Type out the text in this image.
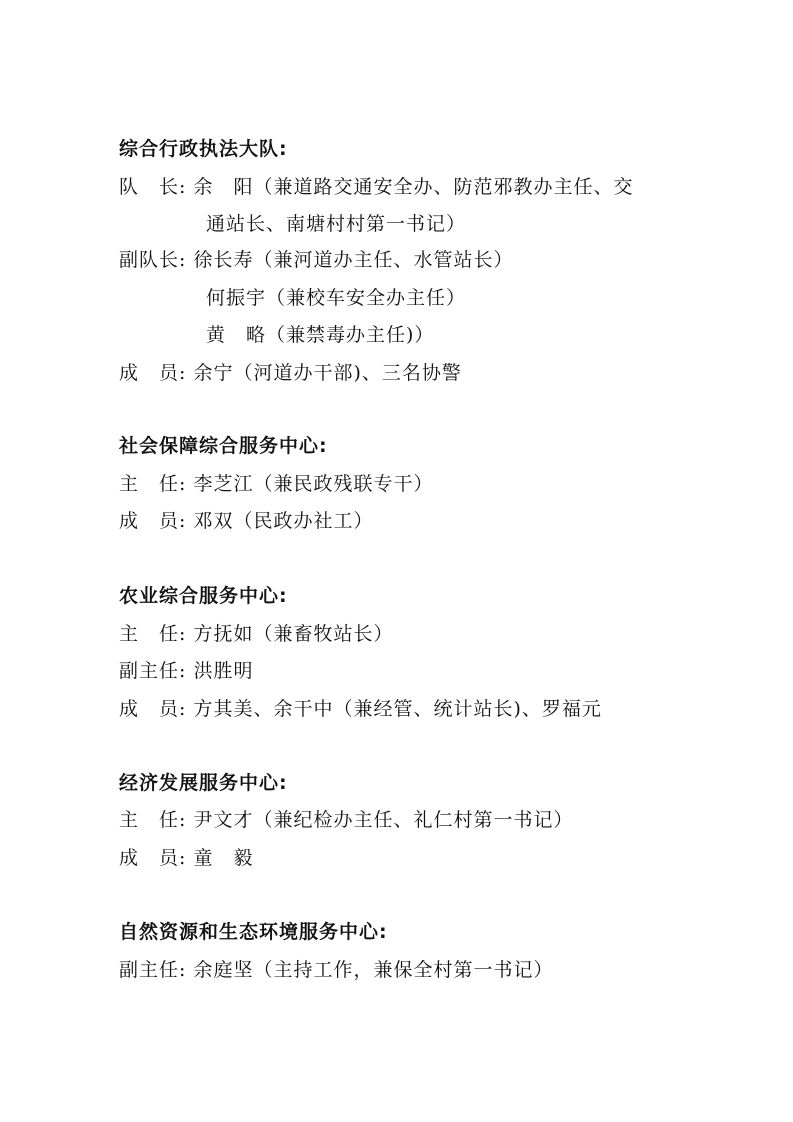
综合行政执法大队:
队　长: 余　阳（兼道路交通安全办、防范邪教办主任、交
通站长、南塘村村第一书记）
副队长: 徐长寿（兼河道办主任、水管站长）
何振宇（兼校车安全办主任）
黄　略（兼禁毒办主任)）
成　员: 余宁（河道办干部)、三名协警
社会保障综合服务中心:
主　任: 李芝江（兼民政残联专干）
成　员: 邓双（民政办社工）
农业综合服务中心:
主　任: 方抚如（兼畜牧站长）
副主任: 洪胜明
成　员: 方其美、余干中（兼经管、统计站长)、罗福元
经济发展服务中心:
主　任: 尹文才（兼纪检办主任、礼仁村第一书记）
成　员: 童　毅
自然资源和生态环境服务中心:
副主任: 余庭坚（主持工作，兼保全村第一书记）
